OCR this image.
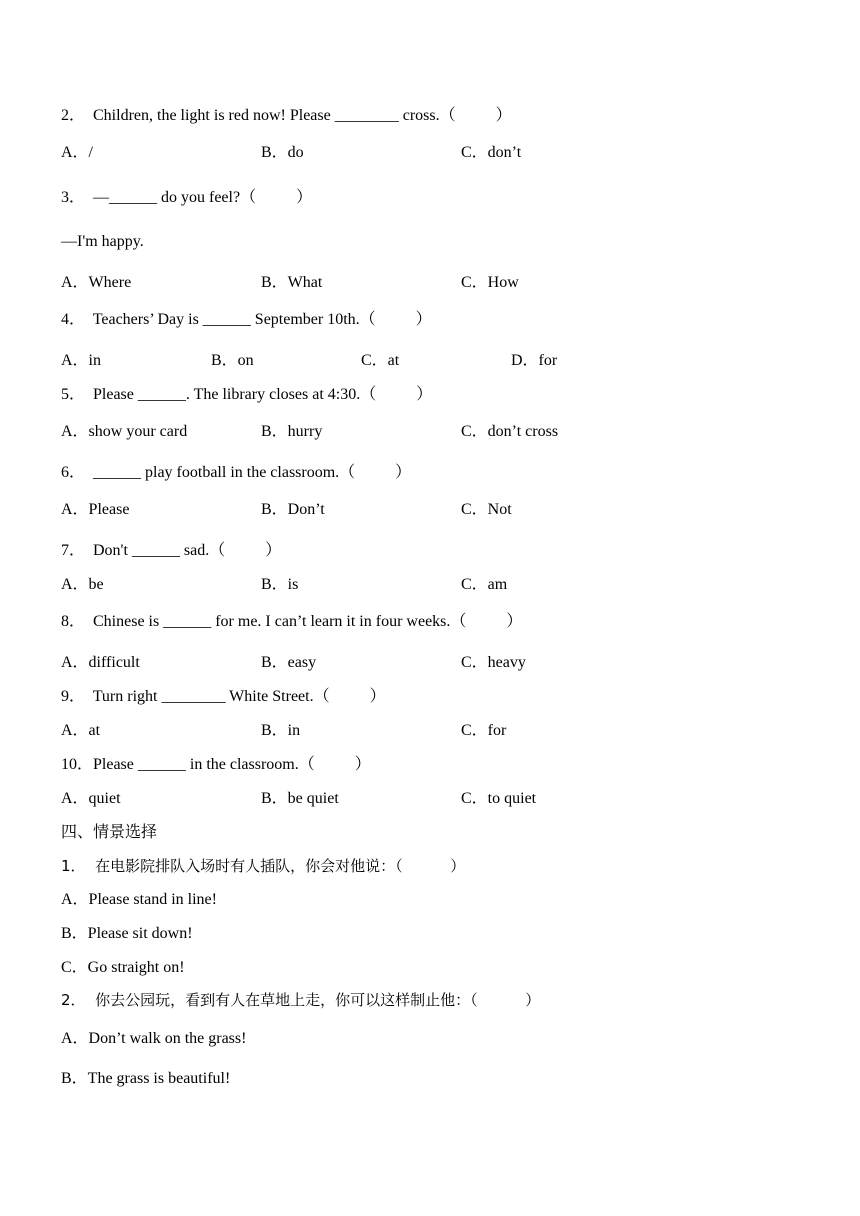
2．  Children, the light is red now! Please ________ cross.（          ）
A．/	B．do	C．don’t
3．  —______ do you feel?（          ）
—I'm happy.
A．Where	B．What	C．How
4．  Teachers’ Day is ______ September 10th.（          ）
A．in	B．on	C．at	D．for
5．  Please ______. The library closes at 4:30.（          ）
A．show your card	B．hurry	C．don’t cross
6．  ______ play football in the classroom.（          ）
A．Please	B．Don’t	C．Not
7．  Don't ______ sad.（          ）
A．be	B．is	C．am
8．  Chinese is ______ for me. I can’t learn it in four weeks.（          ）
A．difficult	B．easy	C．heavy
9．  Turn right ________ White Street.（          ）
A．at	B．in	C．for
10．Please ______ in the classroom.（          ）
A．quiet	B．be quiet	C．to quiet
四、情景选择
1．  在电影院排队入场时有人插队，你会对他说：（          ）
A．Please stand in line!
B．Please sit down!
C．Go straight on!
2．  你去公园玩，看到有人在草地上走，你可以这样制止他：（          ）
A．Don’t walk on the grass!
B．The grass is beautiful!
